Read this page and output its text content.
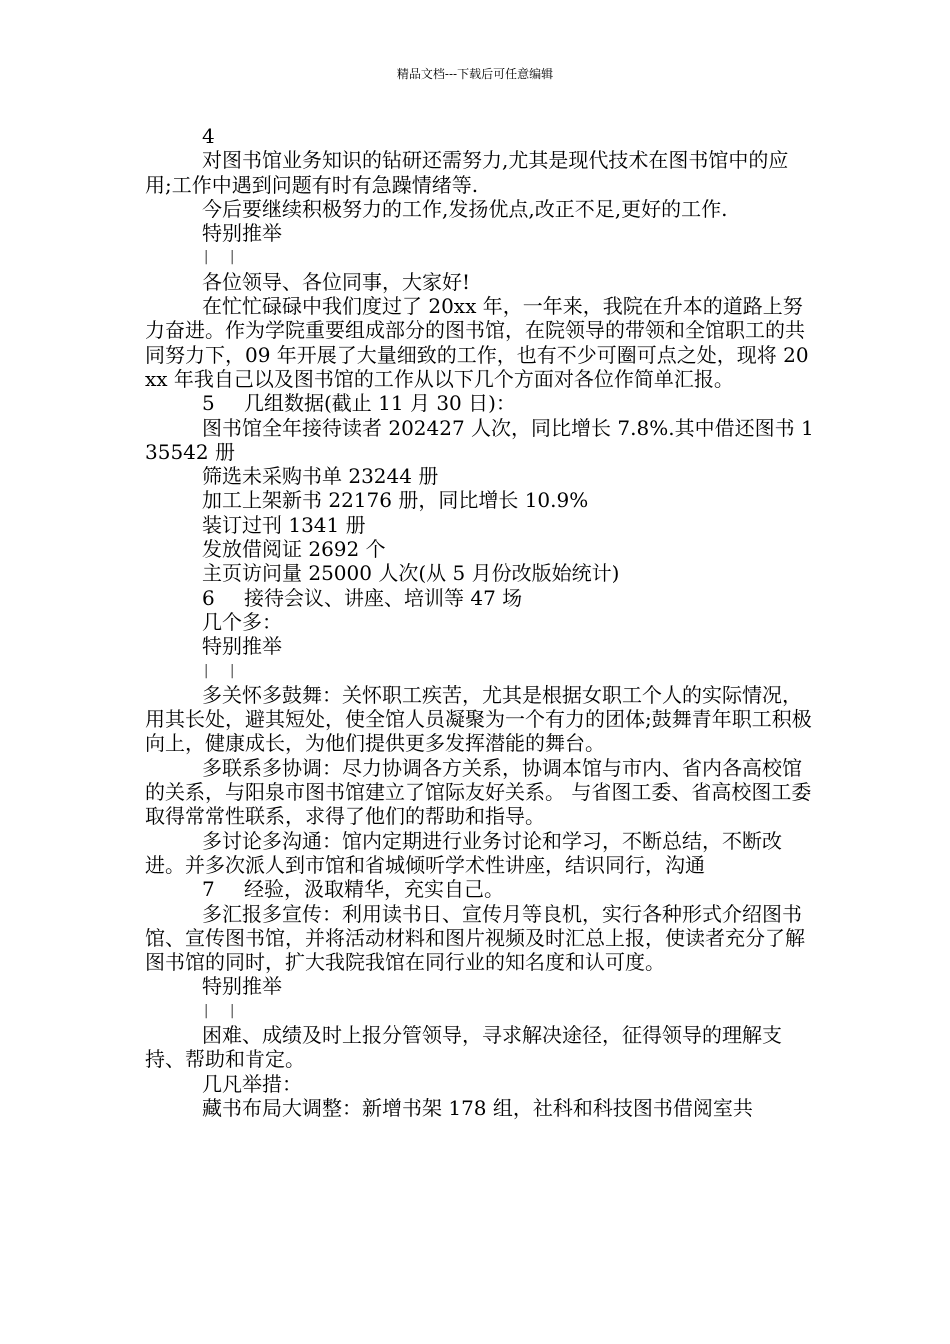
精品文档---下载后可任意编辑

4

对图书馆业务知识的钻研还需努力,尤其是现代技术在图书馆中的应用;工作中遇到问题有时有急躁情绪等.

今后要继续积极努力的工作,发扬优点,改正不足,更好的工作.

特别推举

| |

各位领导、各位同事，大家好!

在忙忙碌碌中我们度过了 20xx 年，一年来，我院在升本的道路上努力奋进。作为学院重要组成部分的图书馆，在院领导的带领和全馆职工的共同努力下，09 年开展了大量细致的工作，也有不少可圈可点之处，现将 20xx 年我自己以及图书馆的工作从以下几个方面对各位作简单汇报。

5 几组数据(截止 11 月 30 日)：

图书馆全年接待读者 202427 人次，同比增长 7.8%.其中借还图书 135542 册

筛选未采购书单 23244 册

加工上架新书 22176 册，同比增长 10.9%

装订过刊 1341 册

发放借阅证 2692 个

主页访问量 25000 人次(从 5 月份改版始统计)

6 接待会议、讲座、培训等 47 场

几个多：

特别推举

| |

多关怀多鼓舞：关怀职工疾苦，尤其是根据女职工个人的实际情况，用其长处，避其短处，使全馆人员凝聚为一个有力的团体;鼓舞青年职工积极向上，健康成长，为他们提供更多发挥潜能的舞台。

多联系多协调：尽力协调各方关系，协调本馆与市内、省内各高校馆的关系，与阳泉市图书馆建立了馆际友好关系。 与省图工委、省高校图工委取得常常性联系，求得了他们的帮助和指导。

多讨论多沟通：馆内定期进行业务讨论和学习，不断总结，不断改进。并多次派人到市馆和省城倾听学术性讲座，结识同行，沟通

7 经验，汲取精华，充实自己。

多汇报多宣传：利用读书日、宣传月等良机，实行各种形式介绍图书馆、宣传图书馆，并将活动材料和图片视频及时汇总上报，使读者充分了解图书馆的同时，扩大我院我馆在同行业的知名度和认可度。

特别推举

| |

困难、成绩及时上报分管领导，寻求解决途径，征得领导的理解支持、帮助和肯定。

几凡举措：

藏书布局大调整：新增书架 178 组，社科和科技图书借阅室共
